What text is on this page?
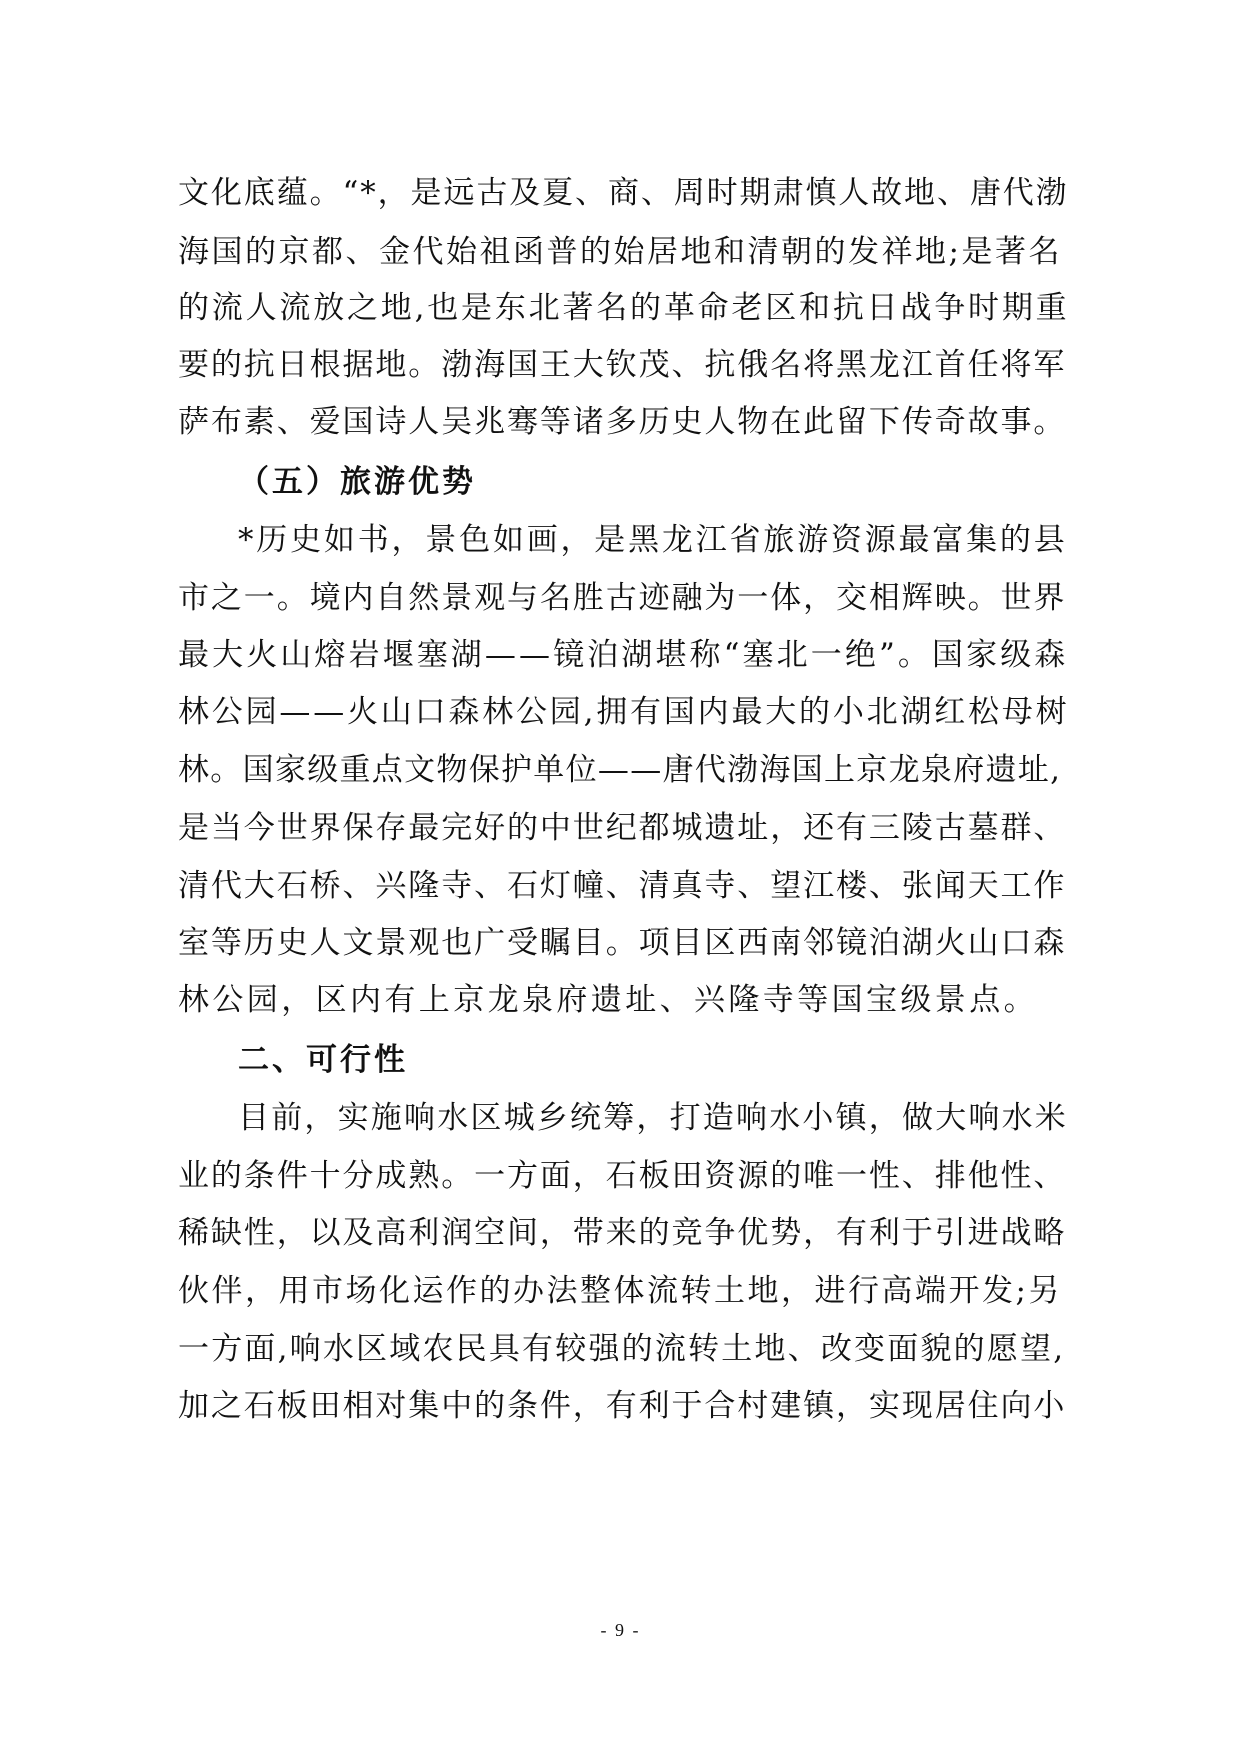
文化底蕴。“*，是远古及夏、商、周时期肃慎人故地、唐代渤
海国的京都、金代始祖函普的始居地和清朝的发祥地;是著名
的流人流放之地,也是东北著名的革命老区和抗日战争时期重
要的抗日根据地。渤海国王大钦茂、抗俄名将黑龙江首任将军
萨布素、爱国诗人吴兆骞等诸多历史人物在此留下传奇故事。
（五）旅游优势
*历史如书，景色如画，是黑龙江省旅游资源最富集的县
市之一。境内自然景观与名胜古迹融为一体，交相辉映。世界
最大火山熔岩堰塞湖——镜泊湖堪称“塞北一绝”。国家级森
林公园——火山口森林公园,拥有国内最大的小北湖红松母树
林。国家级重点文物保护单位——唐代渤海国上京龙泉府遗址,
是当今世界保存最完好的中世纪都城遗址，还有三陵古墓群、
清代大石桥、兴隆寺、石灯幢、清真寺、望江楼、张闻天工作
室等历史人文景观也广受瞩目。项目区西南邻镜泊湖火山口森
林公园，区内有上京龙泉府遗址、兴隆寺等国宝级景点。
二、可行性
目前，实施响水区城乡统筹，打造响水小镇，做大响水米
业的条件十分成熟。一方面，石板田资源的唯一性、排他性、
稀缺性，以及高利润空间，带来的竞争优势，有利于引进战略
伙伴，用市场化运作的办法整体流转土地，进行高端开发;另
一方面,响水区域农民具有较强的流转土地、改变面貌的愿望,
加之石板田相对集中的条件，有利于合村建镇，实现居住向小
- 9 -
